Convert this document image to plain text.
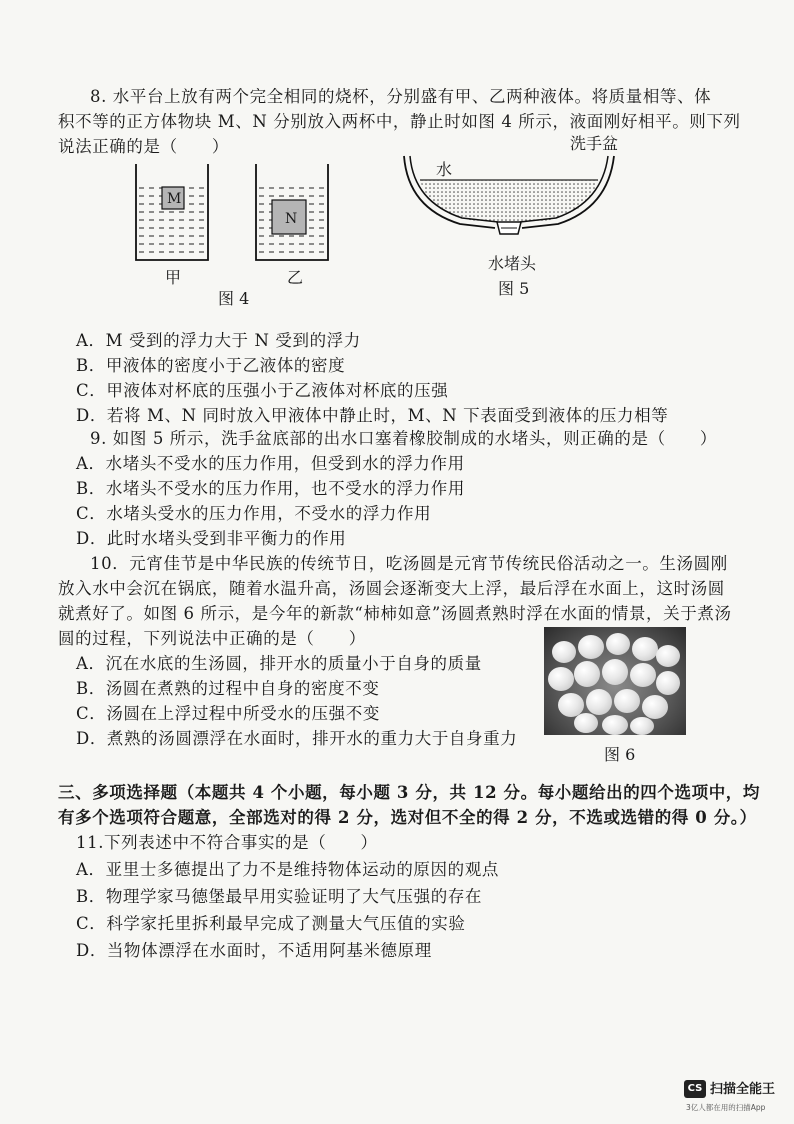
8. 水平台上放有两个完全相同的烧杯，分别盛有甲、乙两种液体。将质量相等、体
积不等的正方体物块 M、N 分别放入两杯中，静止时如图 4 所示，液面刚好相平。则下列
说法正确的是（　　）
M
N
甲	乙
图 4
洗手盆
水
水堵头
图 5
A．M 受到的浮力大于 N 受到的浮力
B．甲液体的密度小于乙液体的密度
C．甲液体对杯底的压强小于乙液体对杯底的压强
D．若将 M、N 同时放入甲液体中静止时，M、N 下表面受到液体的压力相等
9. 如图 5 所示，洗手盆底部的出水口塞着橡胶制成的水堵头，则正确的是（　　）
A．水堵头不受水的压力作用，但受到水的浮力作用
B．水堵头不受水的压力作用，也不受水的浮力作用
C．水堵头受水的压力作用，不受水的浮力作用
D．此时水堵头受到非平衡力的作用
10．元宵佳节是中华民族的传统节日，吃汤圆是元宵节传统民俗活动之一。生汤圆刚
放入水中会沉在锅底，随着水温升高，汤圆会逐渐变大上浮，最后浮在水面上，这时汤圆
就煮好了。如图 6 所示，是今年的新款“柿柿如意”汤圆煮熟时浮在水面的情景，关于煮汤
圆的过程，下列说法中正确的是（　　）
A．沉在水底的生汤圆，排开水的质量小于自身的质量
B．汤圆在煮熟的过程中自身的密度不变
C．汤圆在上浮过程中所受水的压强不变
D．煮熟的汤圆漂浮在水面时，排开水的重力大于自身重力
图 6
三、多项选择题（本题共 4 个小题，每小题 3 分，共 12 分。每小题给出的四个选项中，均
有多个选项符合题意，全部选对的得 2 分，选对但不全的得 2 分，不选或选错的得 0 分。）
11.下列表述中不符合事实的是（　　）
A．亚里士多德提出了力不是维持物体运动的原因的观点
B．物理学家马德堡最早用实验证明了大气压强的存在
C．科学家托里拆利最早完成了测量大气压值的实验
D．当物体漂浮在水面时，不适用阿基米德原理
CS 扫描全能王
3亿人都在用的扫描App
